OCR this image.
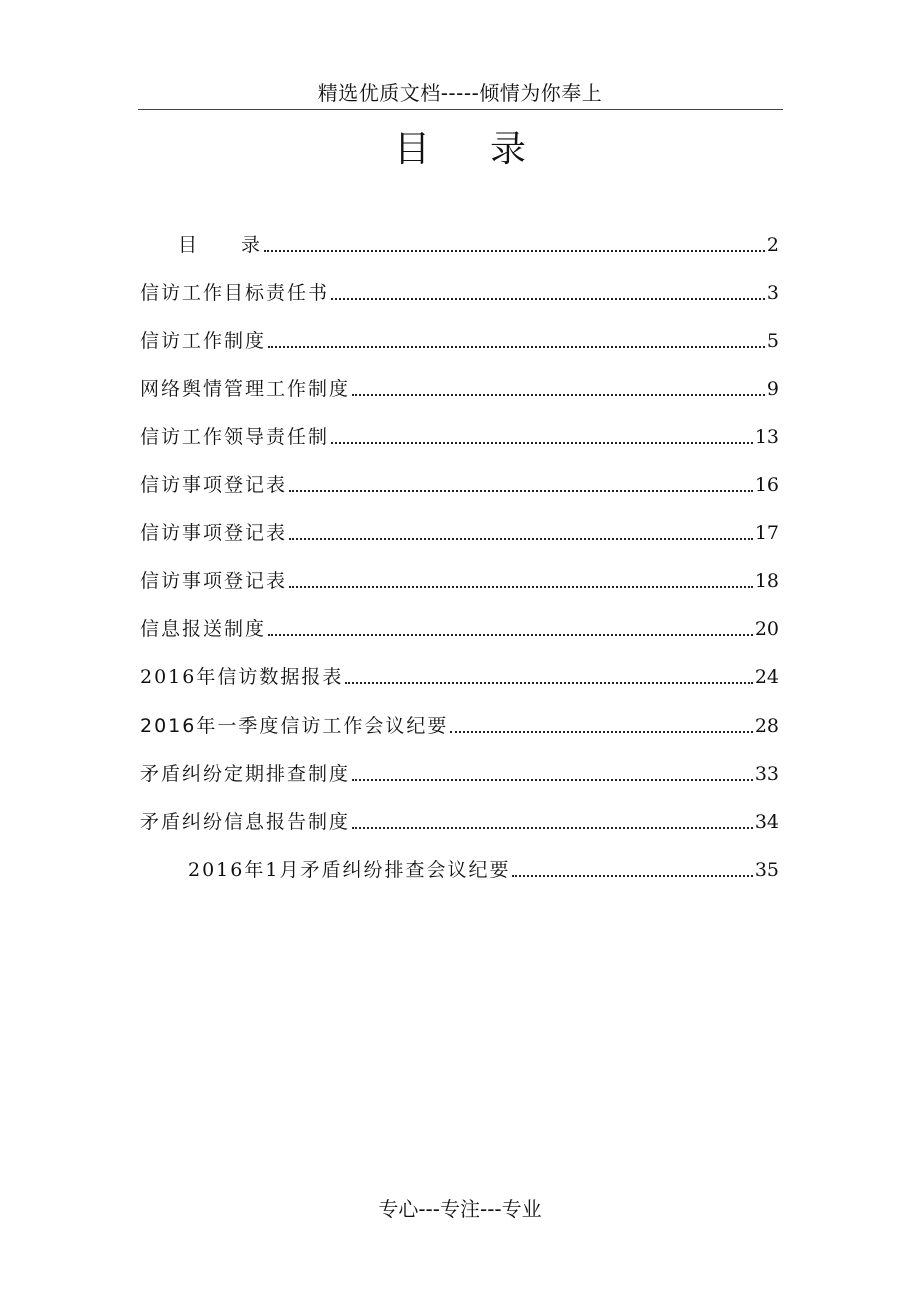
精选优质文档-----倾情为你奉上
目录
目　　录	2
信访工作目标责任书	3
信访工作制度	5
网络舆情管理工作制度	9
信访工作领导责任制	13
信访事项登记表	16
信访事项登记表	17
信访事项登记表	18
信息报送制度	20
2016年信访数据报表	24
2016年一季度信访工作会议纪要	28
矛盾纠纷定期排查制度	33
矛盾纠纷信息报告制度	34
2016年1月矛盾纠纷排查会议纪要	35
专心---专注---专业
